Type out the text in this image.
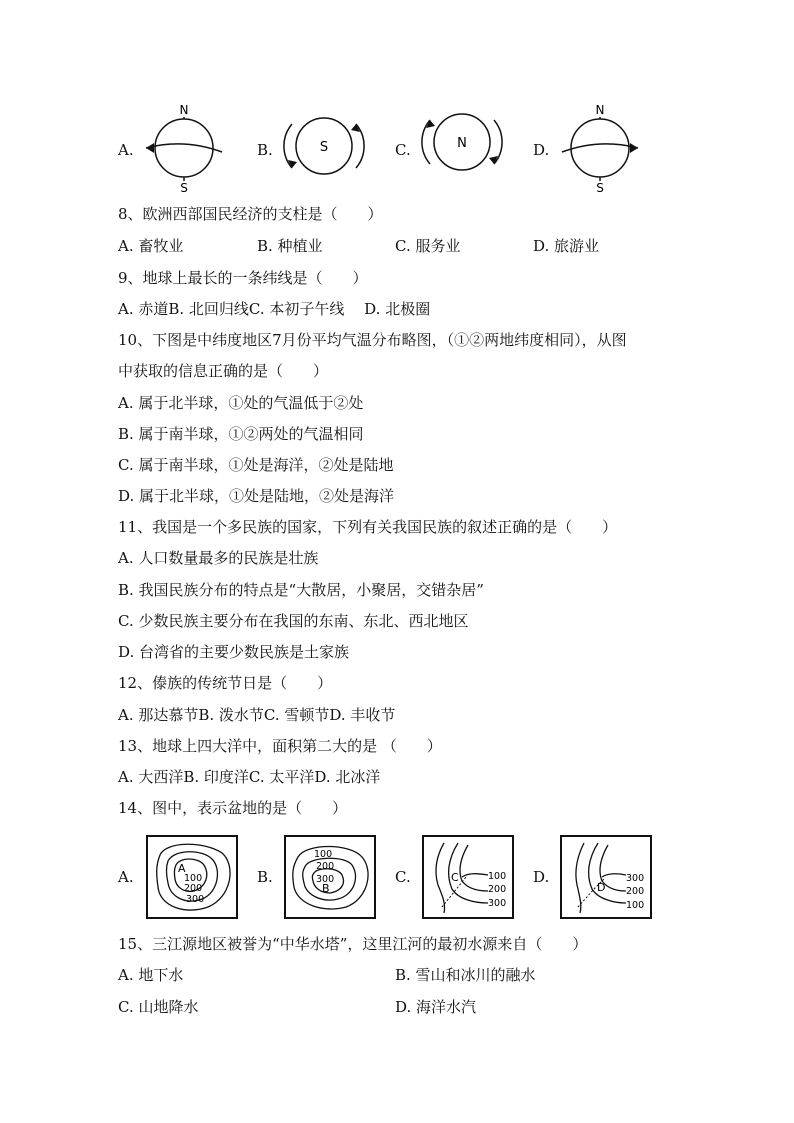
A.
N
S
B.	S	C.	N	D.
N
S
8、欧洲西部国民经济的支柱是（　　）
A. 畜牧业	B. 种植业	C. 服务业	D. 旅游业
9、地球上最长的一条纬线是（　　）
A. 赤道B. 北回归线C. 本初子午线　 D. 北极圈
10、下图是中纬度地区7月份平均气温分布略图，（①②两地纬度相同），从图
中获取的信息正确的是（　　）
A. 属于北半球，①处的气温低于②处
B. 属于南半球，①②两处的气温相同
C. 属于南半球，①处是海洋，②处是陆地
D. 属于北半球，①处是陆地，②处是海洋
11、我国是一个多民族的国家，下列有关我国民族的叙述正确的是（　　）
A. 人口数量最多的民族是壮族
B. 我国民族分布的特点是“大散居，小聚居，交错杂居”
C. 少数民族主要分布在我国的东南、东北、西北地区
D. 台湾省的主要少数民族是土家族
12、傣族的传统节日是（　　）
A. 那达慕节B. 泼水节C. 雪顿节D. 丰收节
13、地球上四大洋中，面积第二大的是 （　　）
A. 大西洋B. 印度洋C. 太平洋D. 北冰洋
14、图中，表示盆地的是（　　）
A.	A
100
200
300
B.
100
200
300
B
C.	C	100
200
300
D.
D
300
200
100
15、三江源地区被誉为“中华水塔”，这里江河的最初水源来自（　　）
A. 地下水	B. 雪山和冰川的融水
C. 山地降水	D. 海洋水汽
